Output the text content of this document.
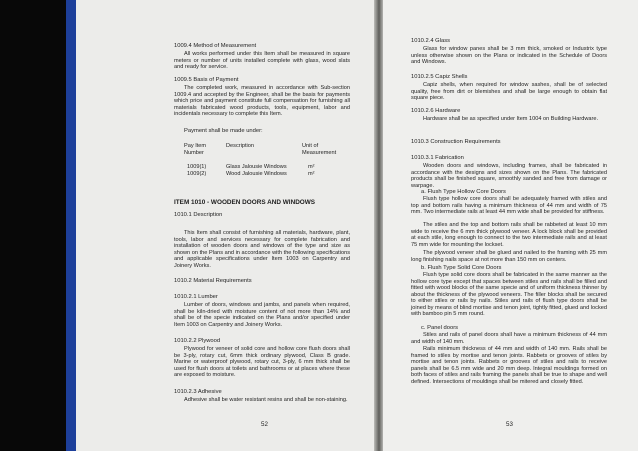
1009.4 Method of Measurement

All works performed under this Item shall be measured in square meters or number of units installed complete with glass, wood slats and ready for service.

1009.5 Basis of Payment

The completed work, measured in accordance with Sub-section 1009.4 and accepted by the Engineer, shall be the basis for payments which price and payment constitute full compensation for furnishing all materials fabricated wood products, tools, equipment, labor and incidentals necessary to complete this Item.

Payment shall be made under:

Pay Item Number
Description	Unit of Measurement
1009(1)	Glass Jalousie Windows	m²
1009(2)	Wood Jalousie Windows	m²

ITEM 1010 - WOODEN DOORS AND WINDOWS

1010.1 Description

This Item shall consist of furnishing all materials, hardware, plant, tools, labor and services necessary for complete fabrication and installation of wooden doors and windows of the type and size as shown on the Plans and in accordance with the following specifications and applicable specifications under Item 1003 on Carpentry and Joinery Works.

1010.2 Material Requirements

1010.2.1 Lumber

Lumber of doors, windows and jambs, and panels when required, shall be kiln-dried with moisture content of not more than 14% and shall be of the specie indicated on the Plans and/or specified under Item 1003 on Carpentry and Joinery Works.

1010.2.2 Plywood

Plywood for veneer of solid core and hollow core flush doors shall be 3-ply, rotary cut, 6mm thick ordinary plywood, Class B grade. Marine or waterproof plywood, rotary cut, 3-ply, 6 mm thick shall be used for flush doors at toilets and bathrooms or at places where these are exposed to moisture.

1010.2.3 Adhesive

Adhesive shall be water resistant resins and shall be non-staining.

52

1010.2.4 Glass

Glass for window panes shall be 3 mm thick, smoked or Industrix type unless otherwise shown on the Plans or indicated in the Schedule of Doors and Windows.

1010.2.5 Capiz Shells

Capiz shells, when required for window sashes, shall be of selected quality, free from dirt or blemishes and shall be large enough to obtain flat square piece.

1010.2.6 Hardware

Hardware shall be as specified under Item 1004 on Building Hardware.

1010.3 Construction Requirements

1010.3.1 Fabrication

Wooden doors and windows, including frames, shall be fabricated in accordance with the designs and sizes shown on the Plans. The fabricated products shall be finished square, smoothly sanded and free from damage or warpage.

a. Flush Type Hollow Core Doors

Flush type hollow core doors shall be adequately framed with stiles and top and bottom rails having a minimum thickness of 44 mm and width of 75 mm. Two intermediate rails at least 44 mm wide shall be provided for stiffness.

The stiles and the top and bottom rails shall be rabbeted at least 10 mm wide to receive the 6 mm thick plywood veneer. A lock block shall be provided at each stile, long enough to connect to the two intermediate rails and at least 75 mm wide for mounting the lockset.

The plywood veneer shall be glued and nailed to the framing with 25 mm long finishing nails space at not more than 150 mm on centers.

b. Flush Type Solid Core Doors

Flush type solid core doors shall be fabricated in the same manner as the hollow core type except that spaces between stiles and rails shall be filled and fitted with wood blocks of the same specie and of uniform thickness thinner by about the thickness of the plywood veneers. The filler blocks shall be secured to either stiles or rails by nails. Stiles and rails of flush type doors shall be joined by means of blind mortise and tenon joint, tightly fitted, glued and locked with bamboo pin 5 mm round.

c. Panel doors

Stiles and rails of panel doors shall have a minimum thickness of 44 mm and width of 140 mm.

Rails minimum thickness of 44 mm and width of 140 mm. Rails shall be framed to stiles by mortise and tenon joints. Rabbets or grooves of stiles by mortise and tenon joints. Rabbets or grooves of stiles and rails to receive panels shall be 6.5 mm wide and 20 mm deep. Integral mouldings formed on both faces of stiles and rails framing the panels shall be true to shape and well defined. Intersections of mouldings shall be mitered and closely fitted.

53
